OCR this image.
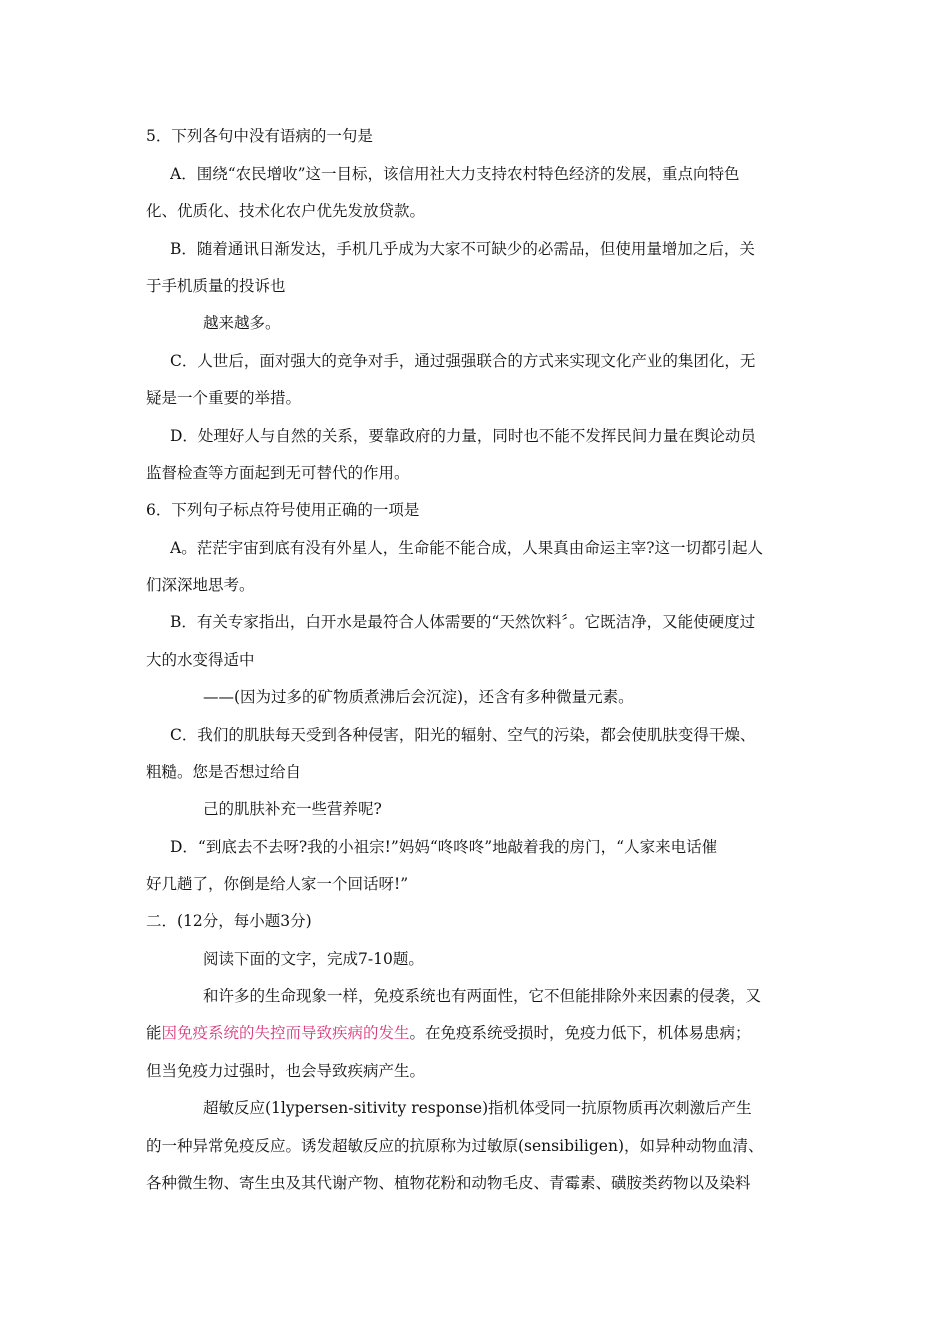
5．下列各句中没有语病的一句是
A．围绕“农民增收”这一目标，该信用社大力支持农村特色经济的发展，重点向特色
化、优质化、技术化农户优先发放贷款。
B．随着通讯日渐发达，手机几乎成为大家不可缺少的必需品，但使用量增加之后，关
于手机质量的投诉也
越来越多。
C．人世后，面对强大的竞争对手，通过强强联合的方式来实现文化产业的集团化，无
疑是一个重要的举措。
D．处理好人与自然的关系，要靠政府的力量，同时也不能不发挥民间力量在舆论动员
监督检查等方面起到无可替代的作用。
6．下列句子标点符号使用正确的一项是
A。茫茫宇宙到底有没有外星人，生命能不能合成，人果真由命运主宰?这一切都引起人
们深深地思考。
B．有关专家指出，白开水是最符合人体需要的“天然饮料〞。它既洁净，又能使硬度过
大的水变得适中
——(因为过多的矿物质煮沸后会沉淀)，还含有多种微量元素。
C．我们的肌肤每天受到各种侵害，阳光的辐射、空气的污染，都会使肌肤变得干燥、
粗糙。您是否想过给自
己的肌肤补充一些营养呢?
D．“到底去不去呀?我的小祖宗!”妈妈“咚咚咚”地敲着我的房门，“人家来电话催
好几趟了，你倒是给人家一个回话呀!”
二．(12分，每小题3分)
阅读下面的文字，完成7-10题。
和许多的生命现象一样，免疫系统也有两面性，它不但能排除外来因素的侵袭，又
能因免疫系统的失控而导致疾病的发生。在免疫系统受损时，免疫力低下，机体易患病；
但当免疫力过强时，也会导致疾病产生。
超敏反应(1lypersen-sitivity response)指机体受同一抗原物质再次刺激后产生
的一种异常免疫反应。诱发超敏反应的抗原称为过敏原(sensibiligen)，如异种动物血清、
各种微生物、寄生虫及其代谢产物、植物花粉和动物毛皮、青霉素、磺胺类药物以及染料
